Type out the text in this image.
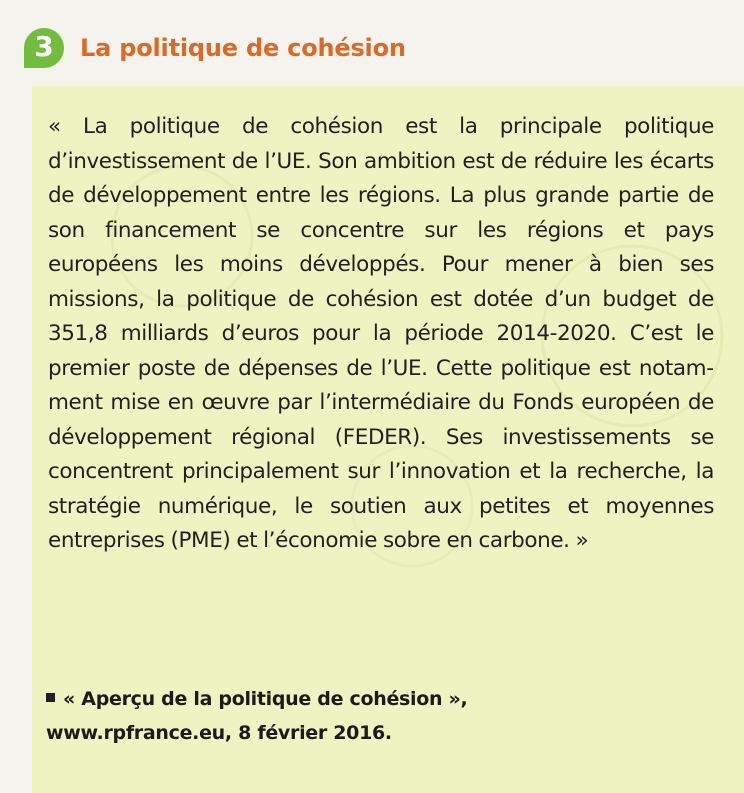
3	La politique de cohésion

« La politique de cohésion est la principale politique d’investissement de l’UE. Son ambition est de réduire les écarts de développement entre les régions. La plus grande partie de son financement se concentre sur les régions et pays européens les moins développés. Pour mener à bien ses missions, la politique de cohésion est dotée d’un budget de 351,8 milliards d’euros pour la période 2014-2020. C’est le premier poste de dépenses de l’UE. Cette politique est notamment mise en œuvre par l’intermédiaire du Fonds européen de développement régional (FEDER). Ses investissements se concentrent principalement sur l’innovation et la recherche, la stratégie numérique, le soutien aux petites et moyennes entreprises (PME) et l’économie sobre en carbone. »

« Aperçu de la politique de cohésion »,
www.rpfrance.eu, 8 février 2016.
